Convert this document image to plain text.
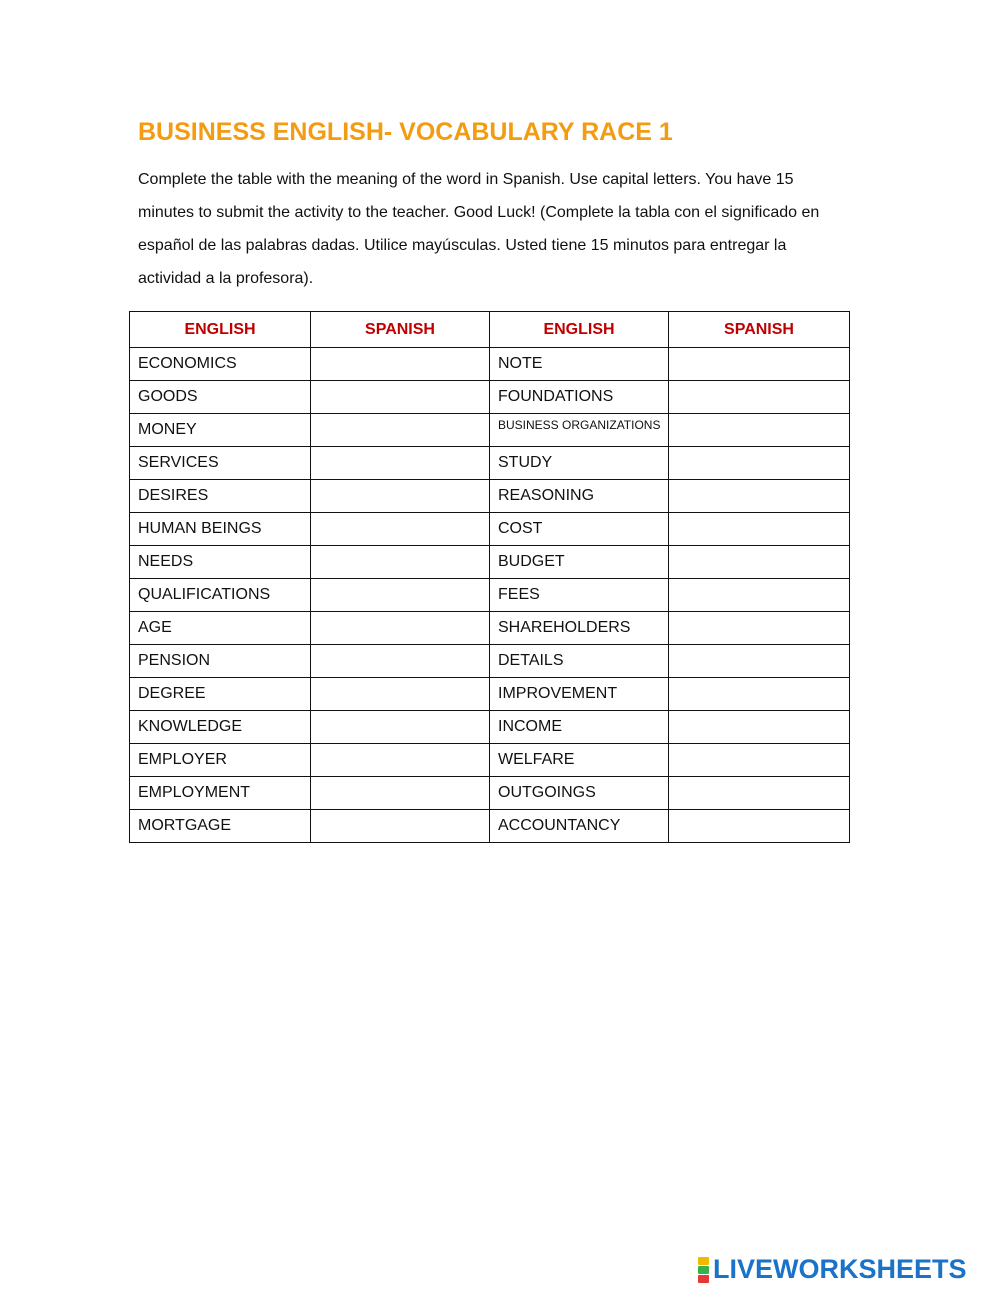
BUSINESS ENGLISH- VOCABULARY RACE 1

Complete the table with the meaning of the word in Spanish. Use capital letters. You have 15 minutes to submit the activity to the teacher. Good Luck! (Complete la tabla con el significado en español de las palabras dadas. Utilice mayúsculas. Usted tiene 15 minutos para entregar la actividad a la profesora).

ENGLISH	SPANISH	ENGLISH	SPANISH
ECONOMICS		NOTE	
GOODS		FOUNDATIONS	
MONEY		BUSINESS ORGANIZATIONS	
SERVICES		STUDY	
DESIRES		REASONING	
HUMAN BEINGS		COST	
NEEDS		BUDGET	
QUALIFICATIONS		FEES	
AGE		SHAREHOLDERS	
PENSION		DETAILS	
DEGREE		IMPROVEMENT	
KNOWLEDGE		INCOME	
EMPLOYER		WELFARE	
EMPLOYMENT		OUTGOINGS	
MORTGAGE		ACCOUNTANCY	
LIVEWORKSHEETS
